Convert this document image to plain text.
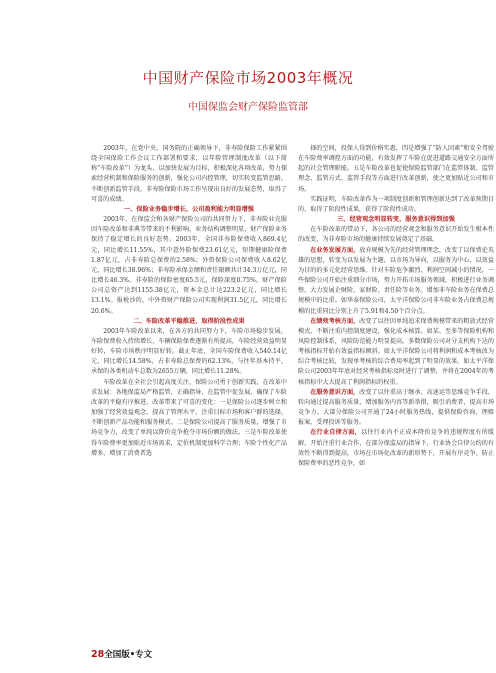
中国财产保险市场2003年概况
中国保监会财产保险监管部

2003年，在党中央、国务院的正确领导下，非寿险保险工作紧紧围绕全国保险工作会议工作部署和要求，以年险管理制度改革（以下简称“车险改革”）为龙头，以加快发展为目标，积极深化各项改革，努力探索经营机制和保险服务的创新，强化公司内控管理，切实转变监管思路，不断创新监管手段，非寿险保险市场工作呈现出良好的发展态势，取得了可喜的成绩。

一、保险业务稳步增长，公司盈利能力明显增强

2003年，在保监会和各财产保险公司的共同努力下，非寿险业克服因车险改革和非典等带来的不利影响，业务结构调整明显，财产保险业务保持了稳定增长的良好态势。2003年，全国非寿险保费收入869.4亿元，同比增长11.55%，其中意外险保费23.61亿元，短期健康险保费1.87亿元，占非寿险总保费的2.58%；外资保险公司保费收入8.62亿元，同比增长38.96%；非寿险承保金额和责任限额共计34.3万亿元，同比增长46.3%。非寿险的保险密度65.5元，保险深度0.75%。财产保险公司总资产达到1155.38亿元，资本金总计达223.2亿元，同比增长13.1%。报税沙的。中外资财产保险公司实现利润31.5亿元，同比增长20.6%。

二、车险改革平稳推进，取得阶段性成果

2003年车险改革以来，在各方的共同努力下，车险市场稳步发展，车险保费收入持续增长，车辆保险保费逐渐有所提高，车险经营效益明显好转，车险市场秩序明显好转。截止年底，全国车险保费收入540.14亿元，同比增长14.58%，占非寿险总保费的62.13%，与往年基本持平，承保的各类机动车总数为2655万辆，同比增长11.28%。

车险改革在全社会引起高度关注，保险公司勇于创新实践，在改革中求发展：各地保监局严格监管，正确指导，在监管中促发展，确保了车险改革的平稳有序推进。改革带来了可喜的变化：一是保险公司逐步树立和加强了经营效益观念，提高了管理水平，注重目标市场和客户群的选择，不断创新产品功能和服务模式。二是保险公司提高了服务质量，增强了市场竞争力，改变了单纯以降价竞争抢夺市场份额的做法。三是车险改革使得车险费率更加贴近市场需求，定价机制更加科学合理；车险个性化产品增多，增加了消费者选

择的空间，投保人得到价格实惠，四是增强了“防人因素”和安全驾驶在车险费率调控方面的功能，有效发挥了车险在促进道路交通安全方面所起的社会管理职能。五是车险改革也促使保险监管部门在监管体制、监管理念、监管方式、监管手段等方面进行改革创新，使之更加贴近公司和市场。

实践证明，车险改革作为一项制度创新和管理创新达到了改革预期目的，取得了阶段性成果，获得了阶段性成功。

三、经营观念明显转变，服务意识得到加强

在车险改革的带动下，各公司的经营观念和服务意识开始发生根本性的改变，为非寿险市场的健康持续发展奠定了基础。

在业务发展方面，放弃规模为先的经营管理理念，改变了以保费论英雄的思想，转变为以发展为主题，以市场为导向，以服务为中心，以效益为目的的多元化经营思维。针对车险危争激烈、利润空间减小的情况，一些保险公司开始注重细分市场，努力开拓市场服务领域，积极进行业务调整，大力发展企财险、家财险、责任险等业务。增加非车险业务在保费总规模中的比重。如华泰保险公司，太平洋保险公司非车险业务占保费总规模的比重同比分别上升了5.91和4.50个百分点。

在绩效考核方面，改变了以往因单纯追求保费规模带来的粗放式经营模式，不断注重内控制度建设，强化成本核算。如某、至多等保险机构和风险控制体系，风险防范能力明显提高。多数保险公司对分支机构下达的考核指标开始有效益指标倾斜。如太平洋保险公司将利润和成本考核改为综合考核比较，发现单考核的综合费用率起到了明显的效果。如太平洋保险公司2003年年底对经营考核指标及时进行了调整，并将在2004年的考核指标中大大提高了利润指标的权重。

在服务意识方面，改变了以往重高于继承、高速运等思维竞争手段，转向通过提高服务质量，增加服务内容等新举措，吸引消费者，提高市场竞争力。大部分保险公司开通了24小时服务热线，提供保险咨询、理赔报案、受理投诉等服务。

在行业自律方面，以往行业内不正成本降价竞争的违规程度有所缓解，开始注重行业合作，在部分保监局的指导下，行业协会自律公约的有效性不断得到提高，市场在市场化改革的新形势下，开展有序竞争、防止保险费率的恶性竞争，如

28全国版•专文
